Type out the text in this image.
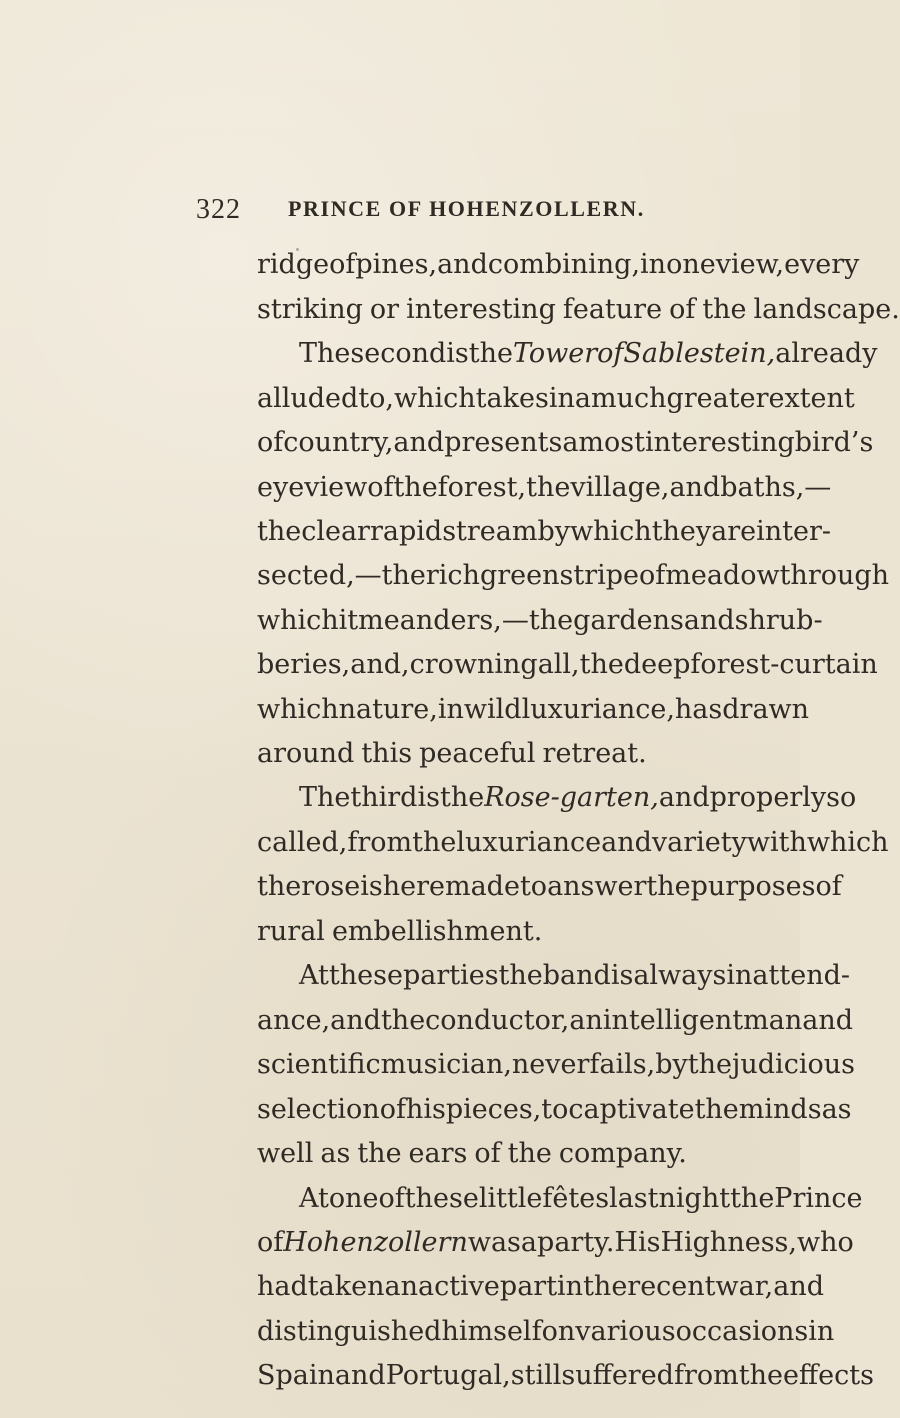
322 PRINCE OF HOHENZOLLERN.
ridge of pines, and combining, in one view, every
striking or interesting feature of the landscape.
The second is the Tower of Sablestein, already
alluded to, which takes in a much greater extent
of country, and presents a most interesting bird’s
eye view of the forest, the village, and baths, —
the clear rapid stream by which they are inter-
sected, — the rich green stripe of meadow through
which it meanders, — the gardens and shrub-
beries, and, crowning all, the deep forest-curtain
which nature, in wild luxuriance, has drawn
around this peaceful retreat.
The third is the Rose-garten, and properly so
called, from the luxuriance and variety with which
the rose is here made to answer the purposes of
rural embellishment.
At these parties the band is always in attend-
ance, and the conductor, an intelligent man and
scientific musician, never fails, by the judicious
selection of his pieces, to captivate the minds as
well as the ears of the company.
At one of these little fêtes last night the Prince
of Hohenzollern was a party. His Highness, who
had taken an active part in the recent war, and
distinguished himself on various occasions in
Spain and Portugal, still suffered from the effects
